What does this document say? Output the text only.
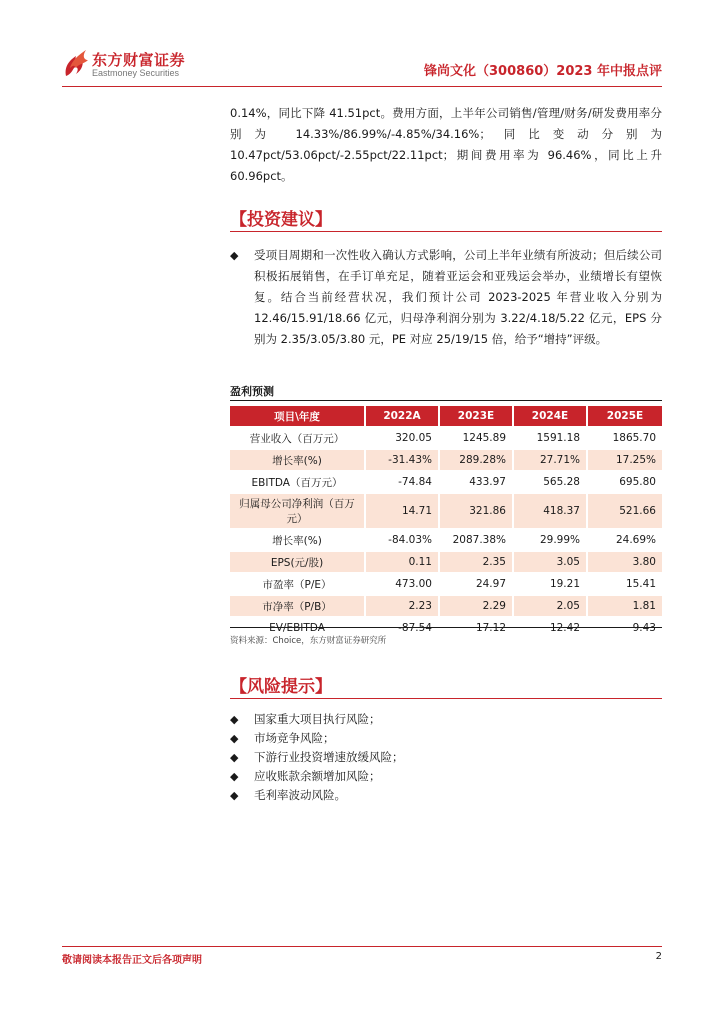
东方财富证券
Eastmoney Securities	锋尚文化（300860）2023 年中报点评

0.14%，同比下降 41.51pct。费用方面，上半年公司销售/管理/财务/研发费用率分别为 14.33%/86.99%/-4.85%/34.16%；同比变动分别为10.47pct/53.06pct/-2.55pct/22.11pct；期间费用率为 96.46%，同比上升 60.96pct。

【投资建议】
◆ 受项目周期和一次性收入确认方式影响，公司上半年业绩有所波动；但后续公司积极拓展销售，在手订单充足，随着亚运会和亚残运会举办，业绩增长有望恢复。结合当前经营状况，我们预计公司 2023-2025 年营业收入分别为 12.46/15.91/18.66 亿元，归母净利润分别为 3.22/4.18/5.22 亿元，EPS 分别为 2.35/3.05/3.80 元，PE 对应 25/19/15 倍，给予“增持”评级。
盈利预测
项目\年度	2022A	2023E	2024E	2025E
营业收入（百万元）	320.05	1245.89	1591.18	1865.70
增长率(%)	-31.43%	289.28%	27.71%	17.25%
EBITDA（百万元）	-74.84	433.97	565.28	695.80
归属母公司净利润（百万元）	14.71	321.86	418.37	521.66
增长率(%)	-84.03%	2087.38%	29.99%	24.69%
EPS(元/股)	0.11	2.35	3.05	3.80
市盈率（P/E）	473.00	24.97	19.21	15.41
市净率（P/B）	2.23	2.29	2.05	1.81
EV/EBITDA	-87.54	17.12	12.42	9.43
资料来源：Choice，东方财富证券研究所
【风险提示】
◆ 国家重大项目执行风险；
◆ 市场竞争风险；
◆ 下游行业投资增速放缓风险；
◆ 应收账款余额增加风险；
◆ 毛利率波动风险。
敬请阅读本报告正文后各项声明	2
